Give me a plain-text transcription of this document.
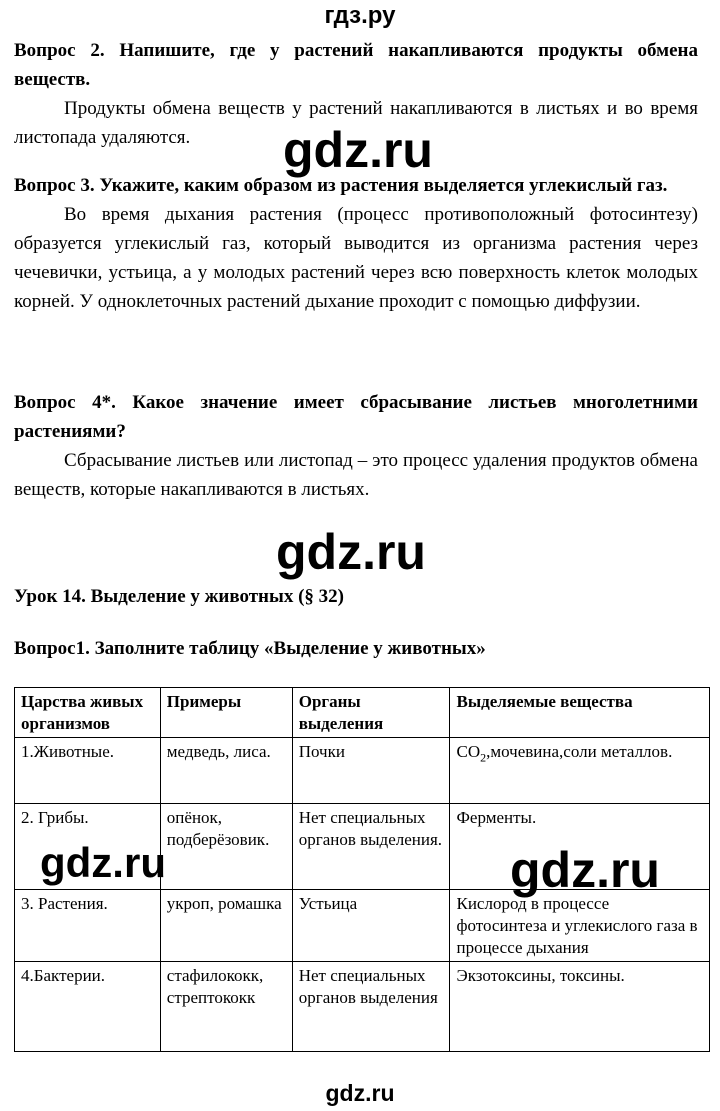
гдз.ру
Вопрос 2. Напишите, где у растений накапливаются продукты обмена веществ.
Продукты обмена веществ у растений накапливаются в листьях и во время листопада удаляются.	gdz.ru
Вопрос 3. Укажите, каким образом из растения выделяется углекислый газ.
Во время дыхания растения (процесс противоположный фотосинтезу) образуется углекислый газ, который выводится из организма растения через чечевички, устьица, а у молодых растений через всю поверхность клеток молодых корней. У одноклеточных растений дыхание проходит с помощью диффузии.
Вопрос 4*. Какое значение имеет сбрасывание листьев многолетними растениями?
Сбрасывание листьев или листопад – это процесс удаления продуктов обмена веществ, которые накапливаются в листьях.
gdz.ru
Урок 14. Выделение у животных (§ 32)
Вопрос1. Заполните таблицу «Выделение у животных»
Царства живых организмов	Примеры	Органы выделения	Выделяемые вещества
1.Животные.	медведь, лиса.	Почки	$CO_2,мочевина,соли$ металлов.
2. Грибы.	опёнок, подберёзовик.	Нет специальных органов выделения.	Ферменты.
3. Растения.	укроп, ромашка	Устьица	Кислород в процессе фотосинтеза и углекислого газа в процессе дыхания
4.Бактерии.	стафилококк, стрептококк	Нет специальных органов выделения	Экзотоксины, токсины.
gdz.ru	gdz.ru
gdz.ru
